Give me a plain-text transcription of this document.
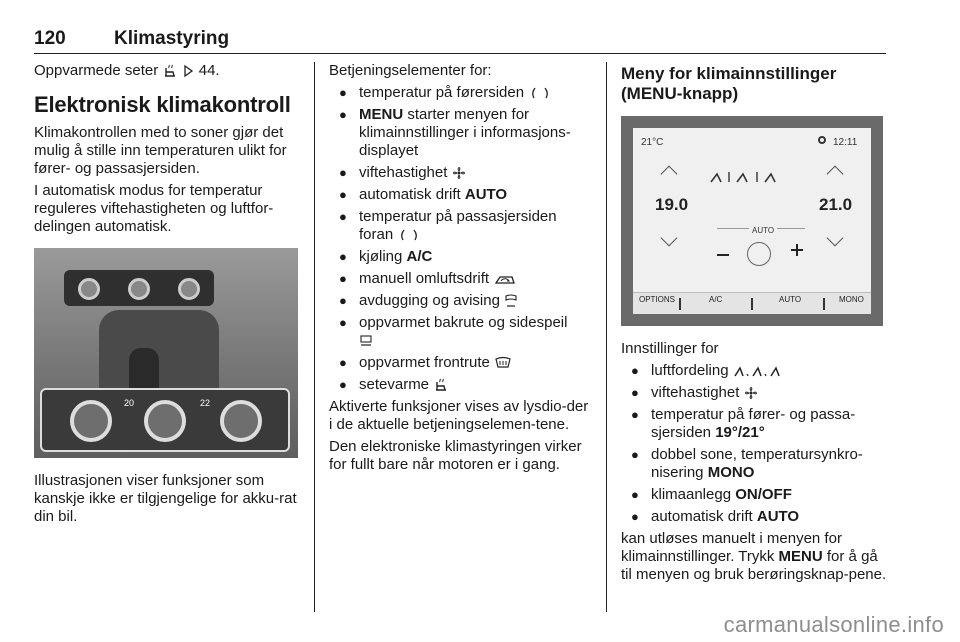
120	Klimastyring

Oppvarmede seter	44.

Elektronisk klimakontroll

Klimakontrollen med to soner gjør det mulig å stille inn temperaturen ulikt for fører- og passasjersiden.

I automatisk modus for temperatur reguleres viftehastigheten og luftfor-delingen automatisk.

20	22

Illustrasjonen viser funksjoner som kanskje ikke er tilgjengelige for akku-rat din bil.

Betjeningselementer for:

● temperatur på førersiden
● MENU starter menyen for klimainnstillinger i informasjons-displayet
● viftehastighet
● automatisk drift AUTO
● temperatur på passasjersiden foran
● kjøling A/C
● manuell omluftsdrift
● avdugging og avising
● oppvarmet bakrute og sidespeil

● oppvarmet frontrute
● setevarme

Aktiverte funksjoner vises av lysdio-der i de aktuelle betjeningselemen-tene.

Den elektroniske klimastyringen virker for fullt bare når motoren er i gang.

Meny for klimainnstillinger (MENU-knapp)
21°C	12:11
19.0
AUTO
21.0
OPTIONS	A/C	AUTO	MONO

Innstillinger for

● luftfordeling
● viftehastighet
● temperatur på fører- og passa-sjersiden 19°/21°
● dobbel sone, temperatursynkro-nisering MONO
● klimaanlegg ON/OFF
● automatisk drift AUTO

kan utløses manuelt i menyen for klimainnstillinger. Trykk MENU for å gå til menyen og bruk berøringsknap-pene.

carmanualsonline.info
